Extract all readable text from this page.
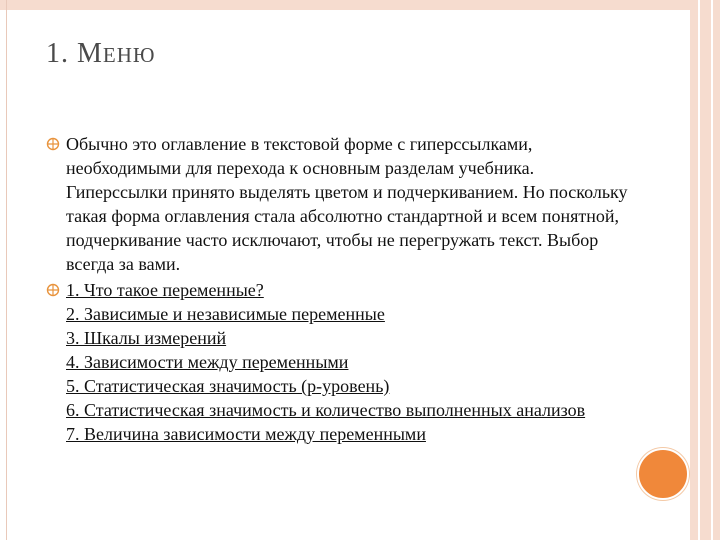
1. МЕНЮ
Обычно это оглавление в текстовой форме с гиперссылками, необходимыми для перехода к основным разделам учебника. Гиперссылки принято выделять цветом и подчеркиванием. Но поскольку такая форма оглавления стала абсолютно стандартной и всем понятной, подчеркивание часто исключают, чтобы не перегружать текст. Выбор всегда за вами.
1. Что такое переменные?
2. Зависимые и независимые переменные
3. Шкалы измерений
4. Зависимости между переменными
5. Статистическая значимость (p-уровень)
6. Статистическая значимость и количество выполненных анализов
7. Величина зависимости между переменными
